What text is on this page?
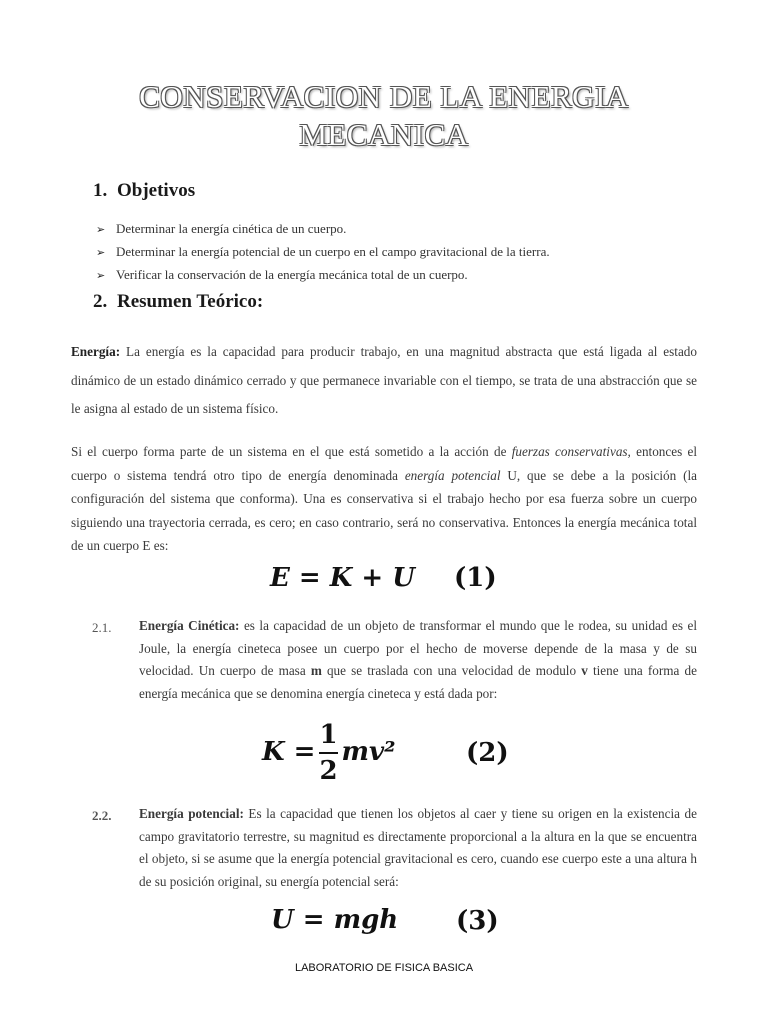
CONSERVACION DE LA ENERGIA
MECANICA
1. Objetivos
➢ Determinar la energía cinética de un cuerpo.
➢ Determinar la energía potencial de un cuerpo en el campo gravitacional de la tierra.
➢ Verificar la conservación de la energía mecánica total de un cuerpo.
2. Resumen Teórico:

Energía: La energía es la capacidad para producir trabajo, en una magnitud abstracta que está ligada al estado dinámico de un estado dinámico cerrado y que permanece invariable con el tiempo, se trata de una abstracción que se le asigna al estado de un sistema físico.

Si el cuerpo forma parte de un sistema en el que está sometido a la acción de fuerzas conservativas, entonces el cuerpo o sistema tendrá otro tipo de energía denominada energía potencial U, que se debe a la posición (la configuración del sistema que conforma). Una es conservativa si el trabajo hecho por esa fuerza sobre un cuerpo siguiendo una trayectoria cerrada, es cero; en caso contrario, será no conservativa. Entonces la energía mecánica total de un cuerpo E es:

E = K + U (1)
2.1. Energía Cinética: es la capacidad de un objeto de transformar el mundo que le rodea, su unidad es el Joule, la energía cineteca posee un cuerpo por el hecho de moverse depende de la masa y de su velocidad. Un cuerpo de masa m que se traslada con una velocidad de modulo v tiene una forma de energía mecánica que se denomina energía cineteca y está dada por:

$K = \frac{1}{2} mv^2$	(2)
2.2. Energía potencial: Es la capacidad que tienen los objetos al caer y tiene su origen en la existencia de campo gravitatorio terrestre, su magnitud es directamente proporcional a la altura en la que se encuentra el objeto, si se asume que la energía potencial gravitacional es cero, cuando ese cuerpo este a una altura h de su posición original, su energía potencial será:

U = mgh (3)
LABORATORIO DE FISICA BASICA
